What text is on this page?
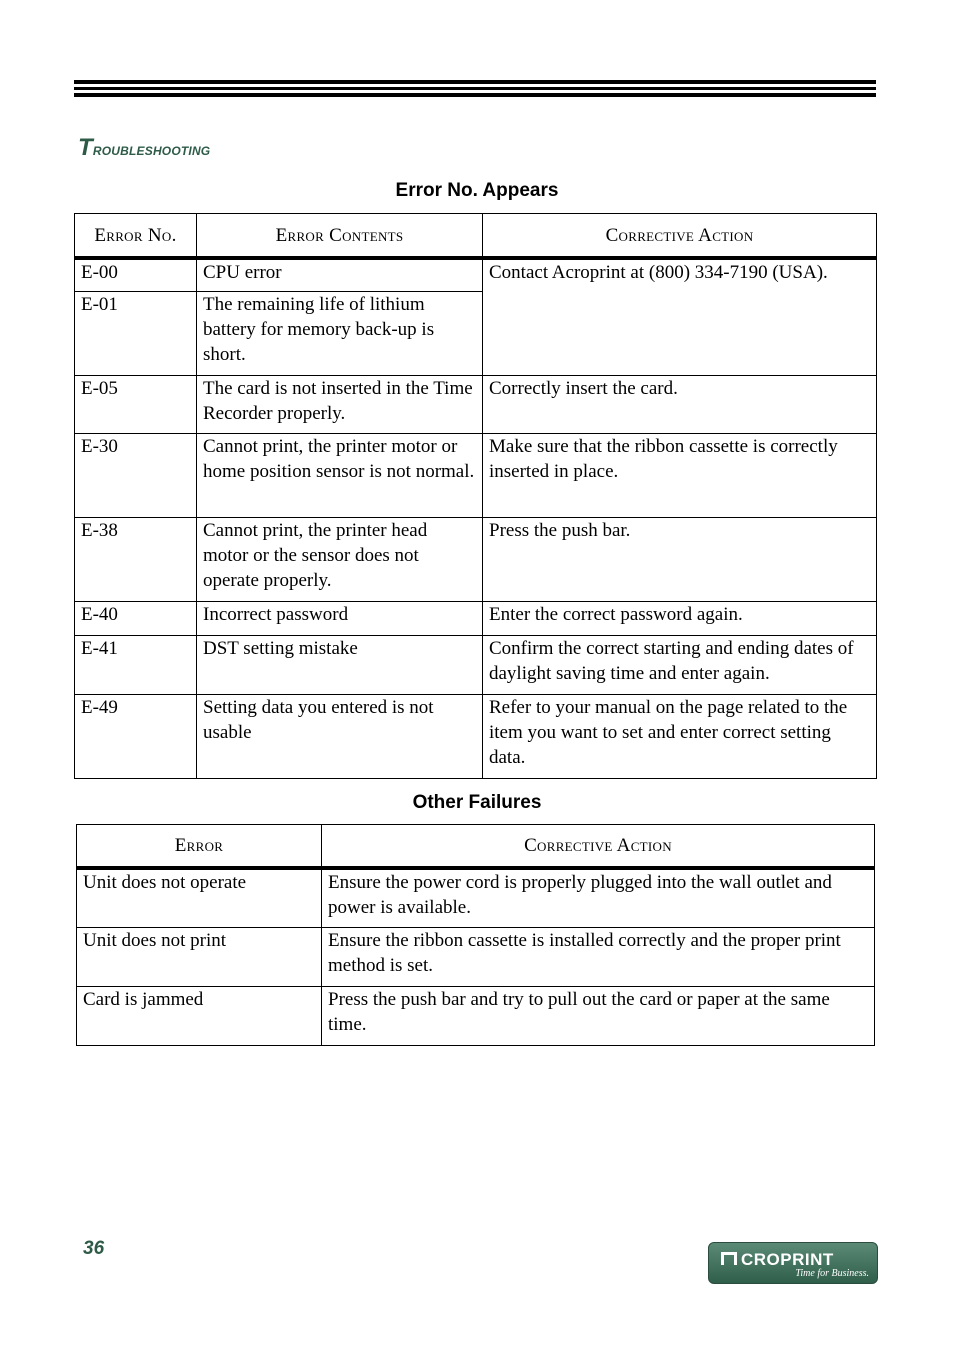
Troubleshooting
Error No. Appears
Error No.	Error Contents	Corrective Action
E-00	CPU error	Contact Acroprint at (800) 334-7190 (USA).
E-01	The remaining life of lithium battery for memory back-up is short.	
E-05	The card is not inserted in the Time Recorder properly.	Correctly insert the card.
E-30	Cannot print, the printer motor or home position sensor is not normal.	Make sure that the ribbon cassette is correctly inserted in place.
E-38	Cannot print, the printer head motor or the sensor does not operate properly.	Press the push bar.
E-40	Incorrect password	Enter the correct password again.
E-41	DST setting mistake	Confirm the correct starting and ending dates of daylight saving time and enter again.
E-49	Setting data you entered is not usable	Refer to your manual on the page related to the item you want to set and enter correct setting data.
Other Failures
Error	Corrective Action
Unit does not operate	Ensure the power cord is properly plugged into the wall outlet and power is available.
Unit does not print	Ensure the ribbon cassette is installed correctly and the proper print method is set.
Card is jammed	Press the push bar and try to pull out the card or paper at the same time.
36
CROPRINT
Time for Business.
